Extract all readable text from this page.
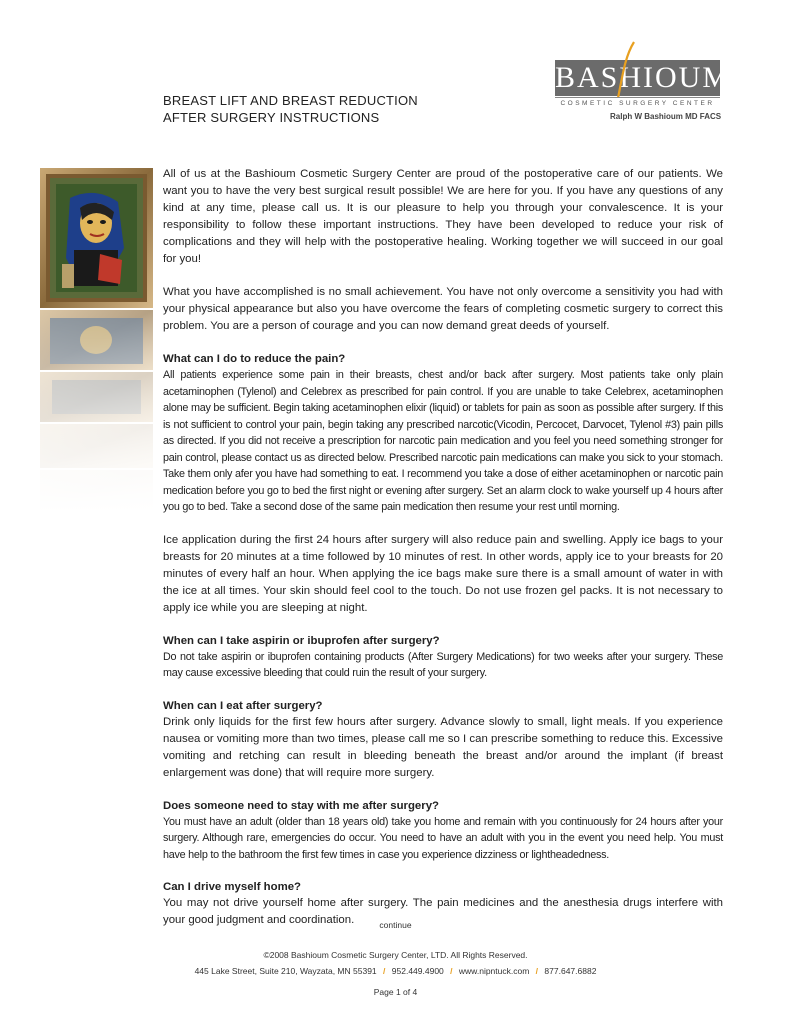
BREAST LIFT AND BREAST REDUCTION
AFTER SURGERY INSTRUCTIONS
BASHIOUM
COSMETIC SURGERY CENTER
Ralph W Bashioum MD FACS

All of us at the Bashioum Cosmetic Surgery Center are proud of the postoperative care of our patients. We want you to have the very best surgical result possible! We are here for you. If you have any questions of any kind at any time, please call us. It is our pleasure to help you through your convalescence. It is your responsibility to follow these important instructions. They have been developed to reduce your risk of complications and they will help with the postoperative healing. Working together we will succeed in our goal for you!

What you have accomplished is no small achievement. You have not only overcome a sensitivity you had with your physical appearance but also you have overcome the fears of completing cosmetic surgery to correct this problem. You are a person of courage and you can now demand great deeds of yourself.

What can I do to reduce the pain?

All patients experience some pain in their breasts, chest and/or back after surgery. Most patients take only plain acetaminophen (Tylenol) and Celebrex as prescribed for pain control. If you are unable to take Celebrex, acetaminophen alone may be sufficient. Begin taking acetaminophen elixir (liquid) or tablets for pain as soon as possible after surgery. If this is not sufficient to control your pain, begin taking any prescribed narcotic(Vicodin, Percocet, Darvocet, Tylenol #3) pain pills as directed. If you did not receive a prescription for narcotic pain medication and you feel you need something stronger for pain control, please contact us as directed below. Prescribed narcotic pain medications can make you sick to your stomach. Take them only afer you have had something to eat. I recommend you take a dose of either acetaminophen or narcotic pain medication before you go to bed the first night or evening after surgery. Set an alarm clock to wake yourself up 4 hours after you go to bed. Take a second dose of the same pain medication then resume your rest until morning.

Ice application during the first 24 hours after surgery will also reduce pain and swelling. Apply ice bags to your breasts for 20 minutes at a time followed by 10 minutes of rest. In other words, apply ice to your breasts for 20 minutes of every half an hour. When applying the ice bags make sure there is a small amount of water in with the ice at all times. Your skin should feel cool to the touch. Do not use frozen gel packs. It is not necessary to apply ice while you are sleeping at night.

When can I take aspirin or ibuprofen after surgery?

Do not take aspirin or ibuprofen containing products (After Surgery Medications) for two weeks after your surgery. These may cause excessive bleeding that could ruin the result of your surgery.

When can I eat after surgery?

Drink only liquids for the first few hours after surgery. Advance slowly to small, light meals. If you experience nausea or vomiting more than two times, please call me so I can prescribe something to reduce this. Excessive vomiting and retching can result in bleeding beneath the breast and/or around the implant (if breast enlargement was done) that will require more surgery.

Does someone need to stay with me after surgery?

You must have an adult (older than 18 years old) take you home and remain with you continuously for 24 hours after your surgery. Although rare, emergencies do occur. You need to have an adult with you in the event you need help. You must have help to the bathroom the first few times in case you experience dizziness or lightheadedness.

Can I drive myself home?

You may not drive yourself home after surgery. The pain medicines and the anesthesia drugs interfere with your good judgment and coordination.	continue
©2008 Bashioum Cosmetic Surgery Center, LTD. All Rights Reserved.
445 Lake Street, Suite 210, Wayzata, MN 55391 / 952.449.4900 / www.nipntuck.com / 877.647.6882
Page 1 of 4
